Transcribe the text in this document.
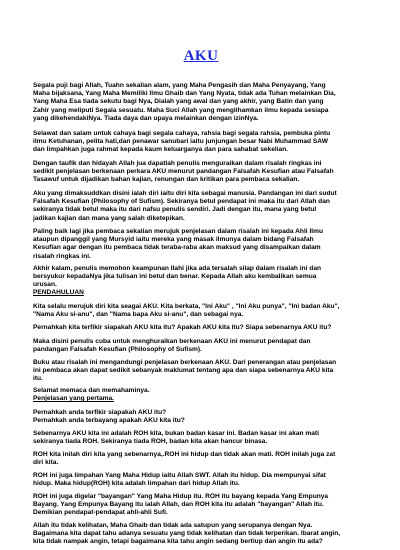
AKU
Segala puji bagi Allah, Tuahn sekalian alam, yang Maha Pengasih dan Maha Penyayang, Yang
Maha bijaksana, Yang Maha Memiliki Ilmu Ghaib dan Yang Nyata, tidak ada Tuhan melainkan Dia,
Yang Maha Esa tiada sekutu bagi Nya, Dialah yang awal dan yang akhir, yang Batin dan yang
Zahir yang meliputi Segala sesuatu. Maha Suci Allah yang mengilhamkan ilmu kepada sesiapa
yang dikehendakiNya. Tiada daya dan upaya melainkan dengan izinNya.
Selawat dan salam untuk cahaya bagi segala cahaya, rahsia bagi segala rahsia, pembuka pintu
ilmu Ketuhanan, pelita hati,dan penawar sanubari iaitu junjungan besar Nabi Muhammad SAW
dan limpahkan juga rahmat kepada kaum keluarganya dan para sahabat sekelian.
Dengan taufik dan hidayah Allah jua dapatlah penulis menguraikan dalam risalah ringkas ini
sedikit penjelasan berkenaan perkara AKU menurut pandangan Falsafah Kesufian atau Falsafah
Tasawuf untuk dijadikan bahan kajian, renungan dan kritikan para pembaca sekalian.
Aku yang dimaksuddkan disini ialah diri iaitu diri kita sebagai manusia. Pandangan ini dari sudut
Falsafah Kesufian (Philosophy of Sufism). Sekiranya betul pendapat ini maka itu dari Allah dan
sekiranya tidak betul maka itu dari nafsu penulis sendiri. Jadi dengan itu, mana yang betul
jadikan kajian dan mana yang salah diketepikan.
Paling baik lagi jika pembaca sekalian merujuk penjelasan dalam risalah ini kepada Ahli Ilmu
ataupun dipanggil yang Mursyid iaitu mereka yang masak ilmunya dalam bidang Falsafah
Kesufian agar dengan itu pembaca tidak teraba-raba akan maksud yang disampaikan dalam
risalah ringkas ini.
Akhir kalam, penulis memohon keampunan Ilahi jika ada tersalah silap dalam risalah ini dan
bersyukur kepadaNya jika tulisan ini betul dan benar. Kepada Allah aku kembalikan semua
urusan.
PENDAHULUAN
Kita selalu merujuk diri kita seagai AKU. Kita berkata, "Ini Aku" , "Ini Aku punya", "Ini badan Aku",
"Nama Aku si-anu", dan "Nama bapa Aku si-anu", dan sebagai nya.
Pernahkah kita terfikir siapakah AKU kita itu? Apakah AKU kita itu? Siapa sebenarnya AKU itu?
Maka disini penulis cuba untuk menghuraikan berkenaan AKU ini menurut pendapat dan
pandangan Falsafah Kesufian (Philosophy of Sufism).
Buku atau risalah ini mengandungi penjelasan berkenaan AKU. Dari penerangan atau penjelasan
ini pembaca akan dapat sedikit sebanyak maklumat tentang apa dan siapa sebenarnya AKU kita
itu.
Selamat memaca dan memahaminya.
Penjelasan yang pertama.
Pernahkah anda terfikir siapakah AKU itu?
Pernahkah anda terbayang apakah AKU kita itu?
Sebenarnya AKU kita ini adalah ROH kita, bukan badan kasar ini. Badan kasar ini akan mati
sekiranya tiada ROH. Sekiranya tiada ROH, badan kita akan hancur binasa.
ROH kita inilah diri kita yang sebenarnya,.ROH ini hidup dan tidak akan mati. ROH inilah juga zat
diri kita.
ROH ini juga limpahan Yang Maha Hidup iaitu Allah SWT. Allah itu hidup. Dia mempunyai sifat
hidup. Maka hidup(ROH) kita adalah limpahan dari hidup Allah itu.
ROH ini juga digelar "bayangan" Yang Maha Hidup itu. ROH itu bayang kepada Yang Empunya
Bayang. Yang Empunya Bayang itu ialah Allah, dan ROH kita itu adalah "bayangan" Allah itu.
Demikian pendapat-pendapat ahli-ahli Sufi.
Allah itu tidak kelihatan, Maha Ghaib dan tidak ada satupun yang serupanya dengan Nya.
Bagaimana kita dapat tahu adanya sesuatu yang tidak kelihatan dan tidak terperikan. Ibarat angin,
kita tidak nampak angin, tetapi bagaimana kita tahu angin sedang bertiup dan angin itu ada?
